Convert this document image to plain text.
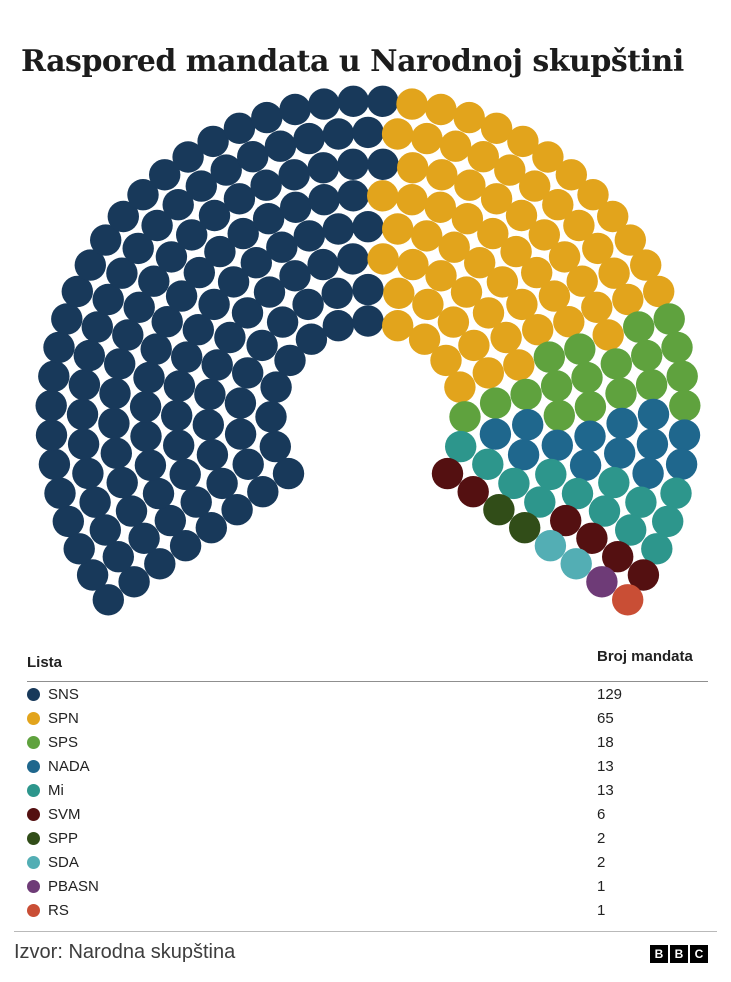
Raspored mandata u Narodnoj skupštini
Lista	Broj mandata
SNS	129
SPN	65
SPS	18
NADA	13
Mi	13
SVM	6
SPP	2
SDA	2
PBASN	1
RS	1
Izvor: Narodna skupština	B B C
